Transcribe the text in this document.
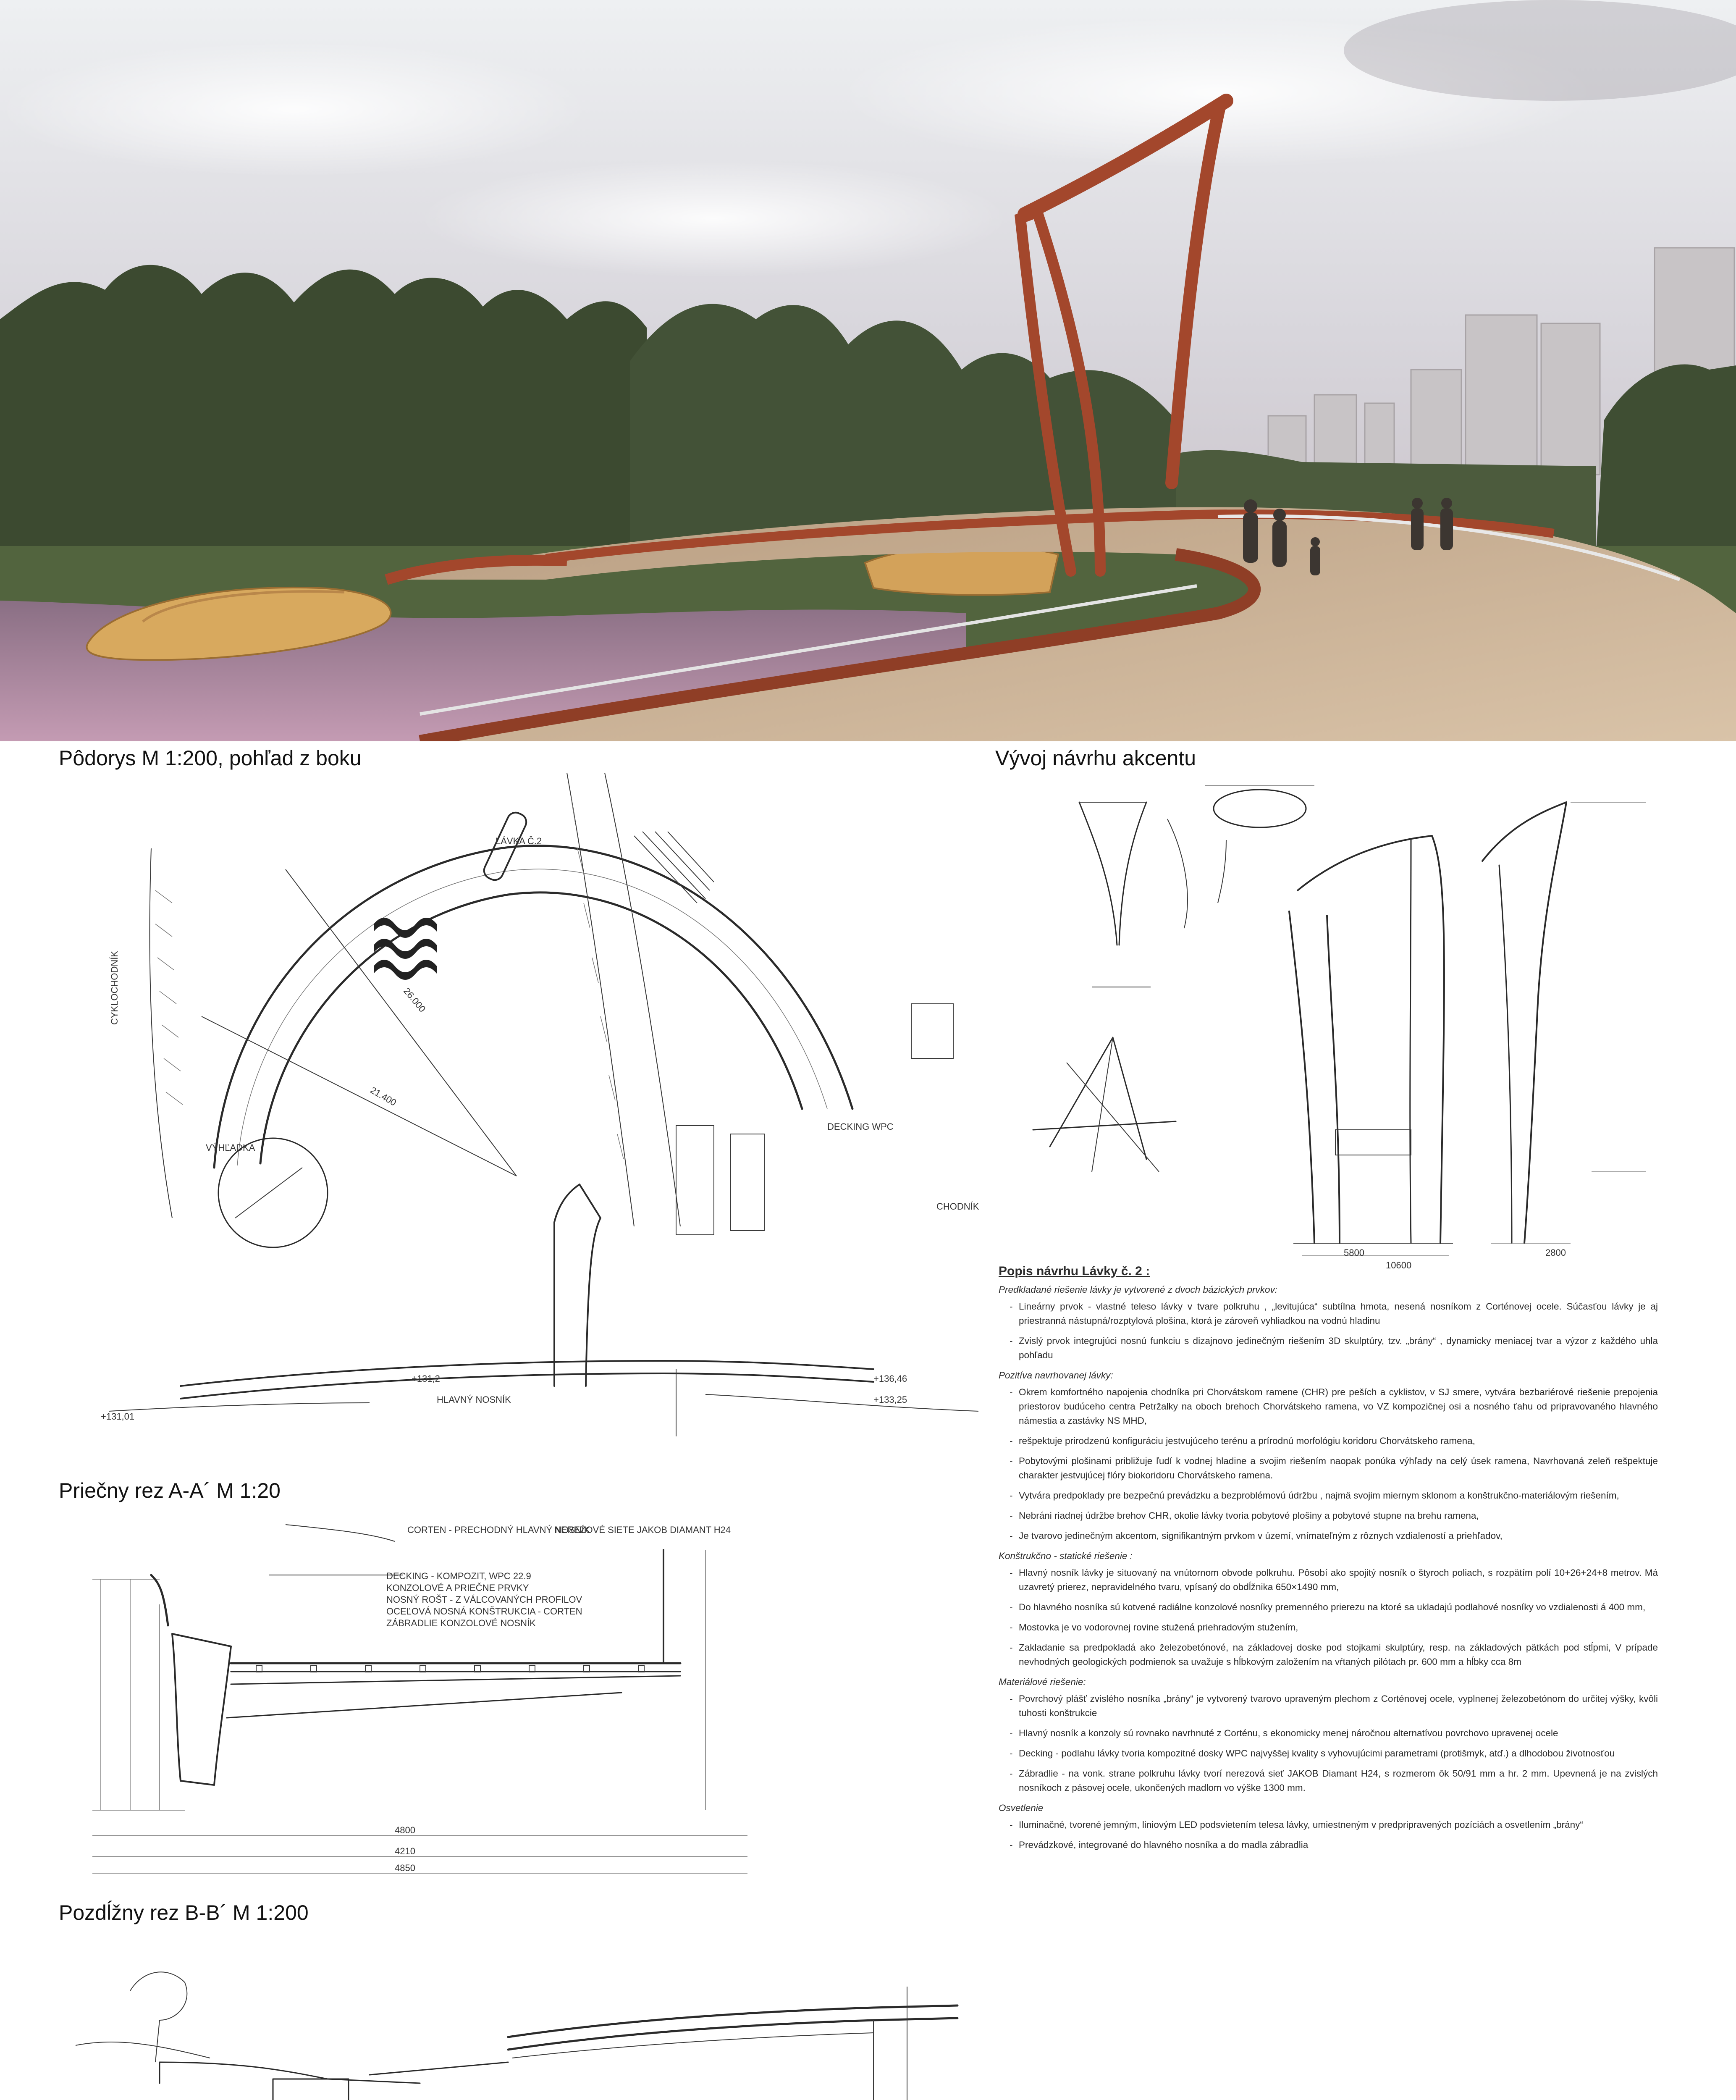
Pôdorys M 1:200, pohľad z boku	Vývoj návrhu akcentu
Priečny rez A-A´ M 1:20
Pozdĺžny rez B-B´ M 1:200
26.000
21.400
CYKLOCHODNÍK
LÁVKA Č.2
VÝHĽADKA
DECKING WPC
CHODNÍK
HLAVNÝ NOSNÍK
+131,01
+133,25
+136,46
+131,2
10600
5800	2800
CORTEN - PRECHODNÝ HLAVNÝ NOSNÍK
NEREZOVÉ SIETE JAKOB DIAMANT H24
DECKING - KOMPOZIT, WPC 22.9
KONZOLOVÉ A PRIEČNE PRVKY
NOSNÝ ROŠT - Z VÁLCOVANÝCH PROFILOV
OCEĽOVÁ NOSNÁ KONŠTRUKCIA - CORTEN
ZÁBRADLIE KONZOLOVÉ NOSNÍK
4800
4210
4850
Popis návrhu Lávky č. 2 :
Predkladané riešenie lávky je vytvorené z dvoch bázických prvkov:
- Lineárny prvok - vlastné teleso lávky v tvare polkruhu , „levitujúca“ subtílna hmota, nesená nosníkom z Corténovej ocele. Súčasťou lávky je aj priestranná nástupná/rozptylová plošina, ktorá je zároveň vyhliadkou na vodnú hladinu
- Zvislý prvok integrujúci nosnú funkciu s dizajnovo jedinečným riešením 3D skulptúry, tzv. „brány“ , dynamicky meniacej tvar a výzor z každého uhla pohľadu
Pozitíva navrhovanej lávky:
- Okrem komfortného napojenia chodníka pri Chorvátskom ramene (CHR) pre peších a cyklistov, v SJ smere, vytvára bezbariérové riešenie prepojenia priestorov budúceho centra Petržalky na oboch brehoch Chorvátskeho ramena, vo VZ kompozičnej osi a nosného ťahu od pripravovaného hlavného námestia a zastávky NS MHD,
- rešpektuje prirodzenú konfiguráciu jestvujúceho terénu a prírodnú morfológiu koridoru Chorvátskeho ramena,
- Pobytovými plošinami približuje ľudí k vodnej hladine a svojim riešením naopak ponúka výhľady na celý úsek ramena, Navrhovaná zeleň rešpektuje charakter jestvujúcej flóry biokoridoru Chorvátskeho ramena.
- Vytvára predpoklady pre bezpečnú prevádzku a bezproblémovú údržbu , najmä svojim miernym sklonom a konštrukčno-materiálovým riešením,
- Nebráni riadnej údržbe brehov CHR, okolie lávky tvoria pobytové plošiny a pobytové stupne na brehu ramena,
- Je tvarovo jedinečným akcentom, signifikantným prvkom v území, vnímateľným z rôznych vzdialeností a priehľadov,
Konštrukčno - statické riešenie :
- Hlavný nosník lávky je situovaný na vnútornom obvode polkruhu. Pôsobí ako spojitý nosník o štyroch poliach, s rozpätím polí 10+26+24+8 metrov. Má uzavretý prierez, nepravidelného tvaru, vpísaný do obdĺžnika 650×1490 mm,
- Do hlavného nosníka sú kotvené radiálne konzolové nosníky premenného prierezu na ktoré sa ukladajú podlahové nosníky vo vzdialenosti á 400 mm,
- Mostovka je vo vodorovnej rovine stužená priehradovým stužením,
- Zakladanie sa predpokladá ako železobetónové, na základovej doske pod stojkami skulptúry, resp. na základových pätkách pod stĺpmi, V prípade nevhodných geologických podmienok sa uvažuje s hĺbkovým založením na vŕtaných pilótach pr. 600 mm a hĺbky cca 8m
Materiálové riešenie:
- Povrchový plášť zvislého nosníka „brány“ je vytvorený tvarovo upraveným plechom z Corténovej ocele, vyplnenej železobetónom do určitej výšky, kvôli tuhosti konštrukcie
- Hlavný nosník a konzoly sú rovnako navrhnuté z Corténu, s ekonomicky menej náročnou alternatívou povrchovo upravenej ocele
- Decking - podlahu lávky tvoria kompozitné dosky WPC najvyššej kvality s vyhovujúcimi parametrami (protišmyk, atď.) a dlhodobou životnosťou
- Zábradlie - na vonk. strane polkruhu lávky tvorí nerezová sieť JAKOB Diamant H24, s rozmerom ôk 50/91 mm a hr. 2 mm. Upevnená je na zvislých nosníkoch z pásovej ocele, ukončených madlom vo výške 1300 mm.
Osvetlenie
- Iluminačné, tvorené jemným, liniovým LED podsvietením telesa lávky, umiestneným v predpripravených pozíciách a osvetlením „brány“
- Prevádzkové, integrované do hlavného nosníka a do madla zábradlia
